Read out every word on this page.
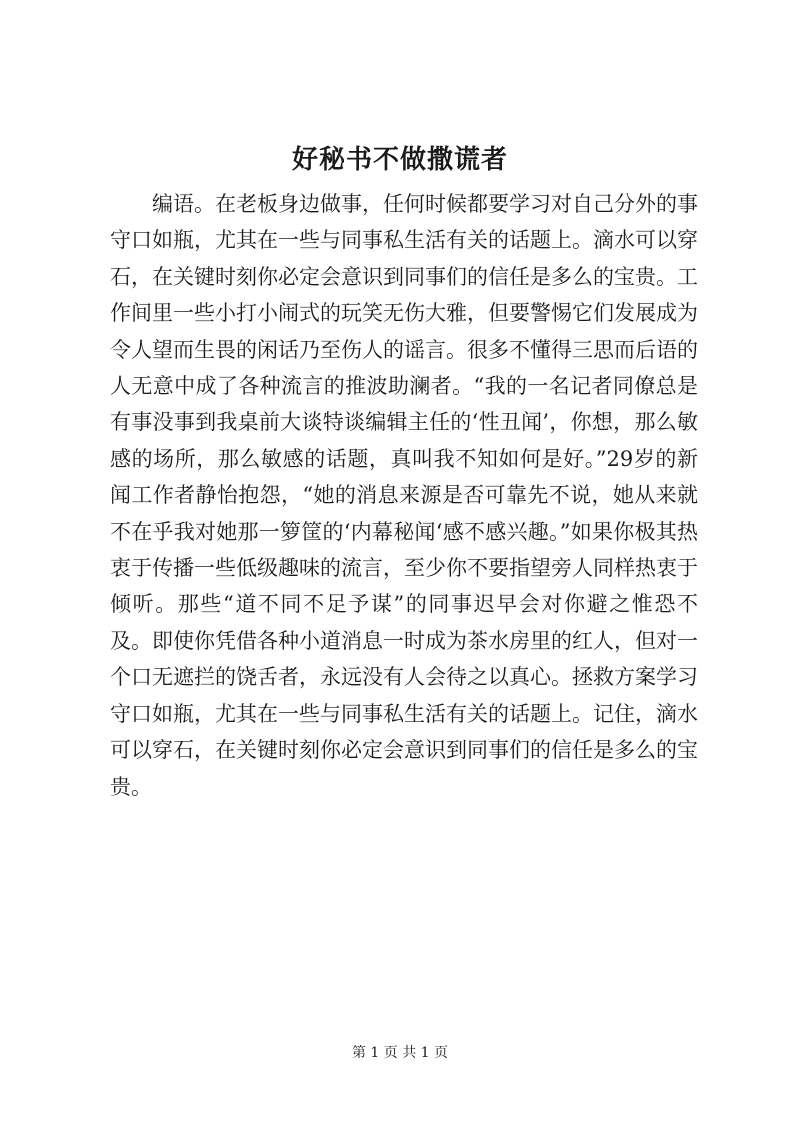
好秘书不做撒谎者

编语。在老板身边做事，任何时候都要学习对自己分外的事守口如瓶，尤其在一些与同事私生活有关的话题上。滴水可以穿石，在关键时刻你必定会意识到同事们的信任是多么的宝贵。工作间里一些小打小闹式的玩笑无伤大雅，但要警惕它们发展成为令人望而生畏的闲话乃至伤人的谣言。很多不懂得三思而后语的人无意中成了各种流言的推波助澜者。“我的一名记者同僚总是有事没事到我桌前大谈特谈编辑主任的‘性丑闻’，你想，那么敏感的场所，那么敏感的话题，真叫我不知如何是好。”29岁的新闻工作者静怡抱怨，“她的消息来源是否可靠先不说，她从来就不在乎我对她那一箩筐的‘内幕秘闻‘感不感兴趣。”如果你极其热衷于传播一些低级趣味的流言，至少你不要指望旁人同样热衷于倾听。那些“道不同不足予谋”的同事迟早会对你避之惟恐不及。即使你凭借各种小道消息一时成为茶水房里的红人，但对一个口无遮拦的饶舌者，永远没有人会待之以真心。拯救方案学习守口如瓶，尤其在一些与同事私生活有关的话题上。记住，滴水可以穿石，在关键时刻你必定会意识到同事们的信任是多么的宝贵。

第 1 页 共 1 页
